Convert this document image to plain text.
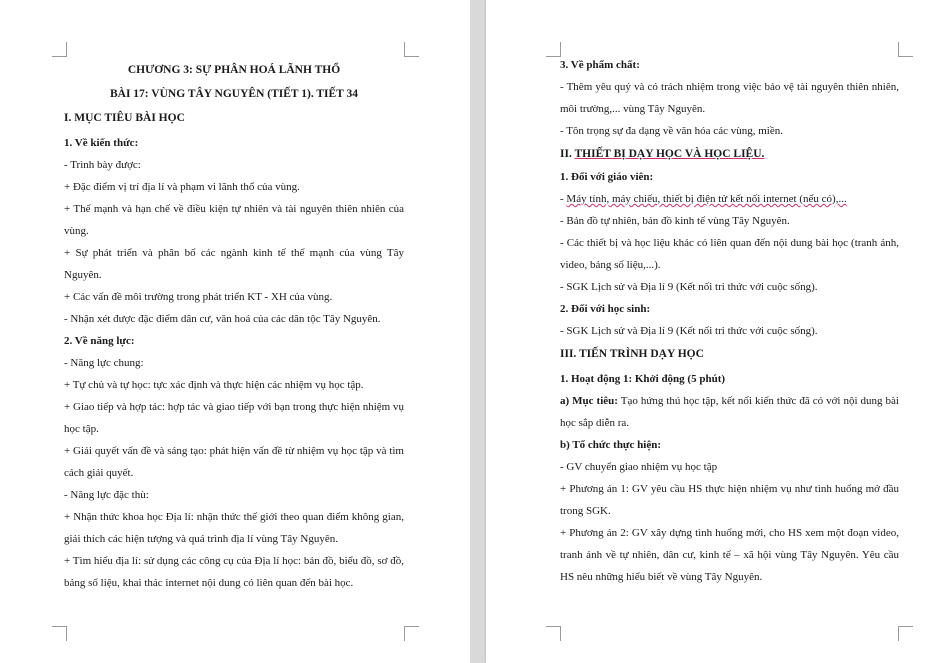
CHƯƠNG 3: SỰ PHÂN HOÁ LÃNH THỔ
BÀI 17: VÙNG TÂY NGUYÊN (TIẾT 1). TIẾT 34
I. MỤC TIÊU BÀI HỌC
1. Về kiến thức:
- Trình bày được:
+ Đặc điểm vị trí địa lí và phạm vi lãnh thổ của vùng.
+ Thế mạnh và hạn chế về điều kiện tự nhiên và tài nguyên thiên nhiên của vùng.
+ Sự phát triển và phân bố các ngành kinh tế thế mạnh của vùng Tây Nguyên.
+ Các vấn đề môi trường trong phát triển KT - XH của vùng.
- Nhận xét được đặc điểm dân cư, văn hoá của các dân tộc Tây Nguyên.
2. Về năng lực:
- Năng lực chung:
+ Tự chủ và tự học: tực xác định và thực hiện các nhiệm vụ học tập.
+ Giao tiếp và hợp tác: hợp tác và giao tiếp với bạn trong thực hiện nhiệm vụ học tập.
+ Giải quyết vấn đề và sáng tạo: phát hiện vấn đề từ nhiệm vụ học tập và tìm cách giải quyết.
- Năng lực đặc thù:
+ Nhận thức khoa học Địa lí: nhận thức thế giới theo quan điểm không gian, giải thích các hiện tượng và quá trình địa lí vùng Tây Nguyên.
+ Tìm hiểu địa lí: sử dụng các công cụ của Địa lí học: bản đồ, biểu đồ, sơ đồ, bảng số liệu, khai thác internet nội dung có liên quan đến bài học.
3. Về phẩm chất:
- Thêm yêu quý và có trách nhiệm trong việc bảo vệ tài nguyên thiên nhiên, môi trường,... vùng Tây Nguyên.
- Tôn trọng sự đa dạng về văn hóa các vùng, miền.
II. THIẾT BỊ DẠY HỌC VÀ HỌC LIỆU.
1. Đối với giáo viên:
- Máy tính, máy chiếu, thiết bị điện tử kết nối internet (nếu có),...
- Bản đồ tự nhiên, bản đồ kinh tế vùng Tây Nguyên.
- Các thiết bị và học liệu khác có liên quan đến nội dung bài học (tranh ảnh, video, bảng số liệu,...).
- SGK Lịch sử và Địa lí 9 (Kết nối tri thức với cuộc sống).
2. Đối với học sinh:
- SGK Lịch sử và Địa lí 9 (Kết nối tri thức với cuộc sống).
III. TIẾN TRÌNH DẠY HỌC
1. Hoạt động 1: Khởi động (5 phút)
a) Mục tiêu: Tạo hứng thú học tập, kết nối kiến thức đã có với nội dung bài học sắp diễn ra.
b) Tổ chức thực hiện:
- GV chuyển giao nhiệm vụ học tập
+ Phương án 1: GV yêu cầu HS thực hiện nhiệm vụ như tình huống mở đầu trong SGK.
+ Phương án 2: GV xây dựng tình huống mới, cho HS xem một đoạn video, tranh ảnh về tự nhiên, dân cư, kinh tế – xã hội vùng Tây Nguyên. Yêu cầu HS nêu những hiểu biết về vùng Tây Nguyên.
